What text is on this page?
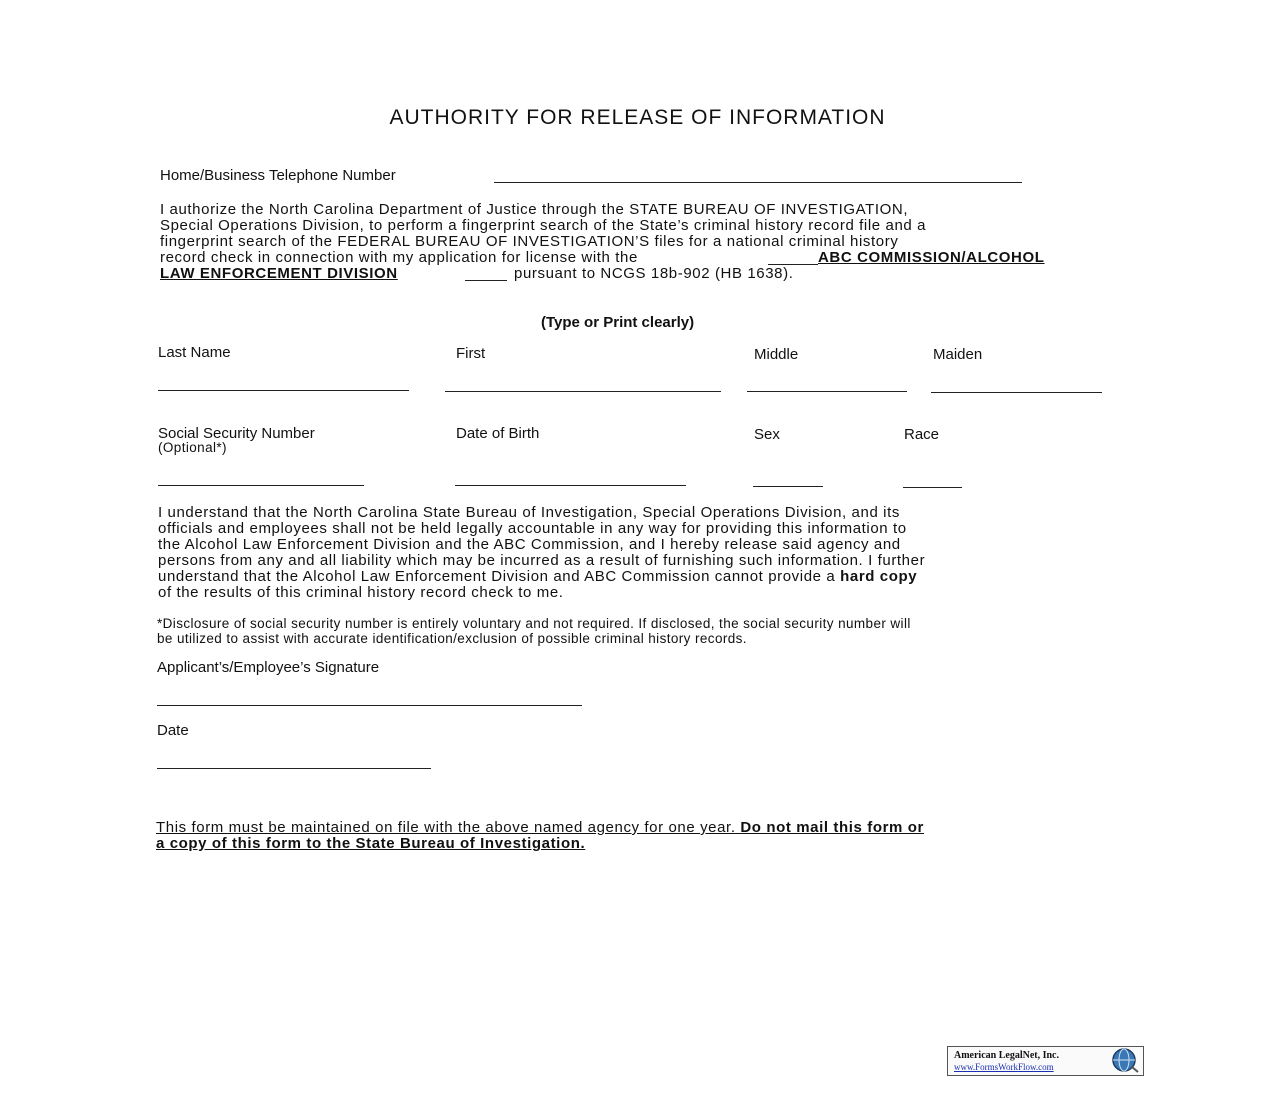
AUTHORITY FOR RELEASE OF INFORMATION
Home/Business Telephone Number
I authorize the North Carolina Department of Justice through the STATE BUREAU OF INVESTIGATION,
Special Operations Division, to perform a fingerprint search of the State’s criminal history record file and a
fingerprint search of the FEDERAL BUREAU OF INVESTIGATION’S files for a national criminal history
record check in connection with my application for license with the	ABC COMMISSION/ALCOHOL
LAW ENFORCEMENT DIVISION	pursuant to NCGS 18b-902 (HB 1638).
(Type or Print clearly)
Last Name	First	Middle	Maiden
Social Security Number
(Optional*)
Date of Birth	Sex	Race
I understand that the North Carolina State Bureau of Investigation, Special Operations Division, and its
officials and employees shall not be held legally accountable in any way for providing this information to
the Alcohol Law Enforcement Division and the ABC Commission, and I hereby release said agency and
persons from any and all liability which may be incurred as a result of furnishing such information. I further
understand that the Alcohol Law Enforcement Division and ABC Commission cannot provide a hard copy
of the results of this criminal history record check to me.
*Disclosure of social security number is entirely voluntary and not required. If disclosed, the social security number will
be utilized to assist with accurate identification/exclusion of possible criminal history records.
Applicant’s/Employee’s Signature
Date
This form must be maintained on file with the above named agency for one year. Do not mail this form or
a copy of this form to the State Bureau of Investigation.
American LegalNet, Inc.
www.FormsWorkFlow.com
